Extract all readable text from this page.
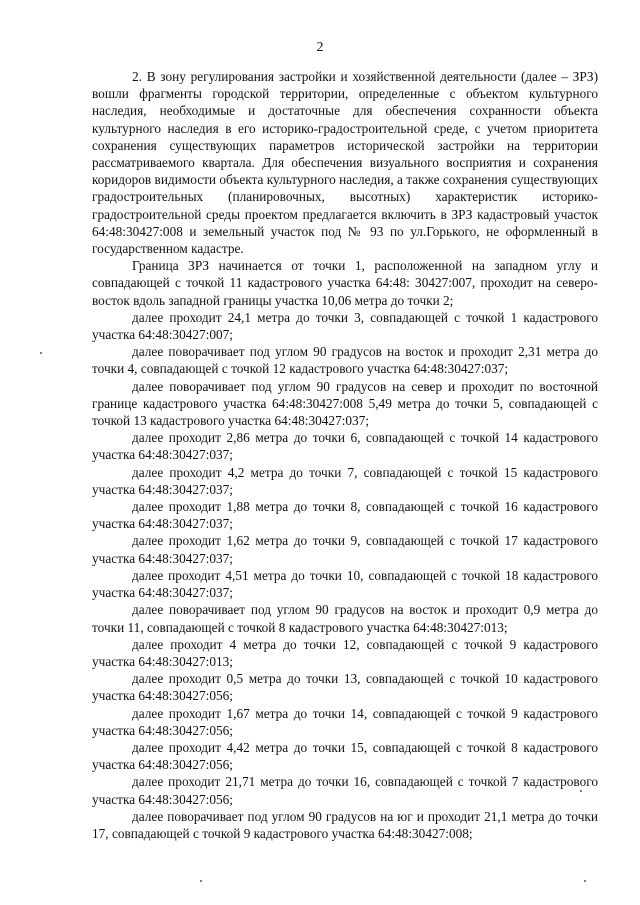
2

2. В зону регулирования застройки и хозяйственной деятельности (далее – ЗРЗ) вошли фрагменты городской территории, определенные с объектом культурного наследия, необходимые и достаточные для обеспечения сохранности объекта культурного наследия в его историко-градостроительной среде, с учетом приоритета сохранения существующих параметров исторической застройки на территории рассматриваемого квартала. Для обеспечения визуального восприятия и сохранения коридоров видимости объекта культурного наследия, а также сохранения существующих градостроительных (планировочных, высотных) характеристик историко-градостроительной среды проектом предлагается включить в ЗРЗ кадастровый участок 64:48:30427:008 и земельный участок под № 93 по ул.Горького, не оформленный в государственном кадастре.

Граница ЗРЗ начинается от точки 1, расположенной на западном углу и совпадающей с точкой 11 кадастрового участка 64:48: 30427:007, проходит на северо-восток вдоль западной границы участка 10,06 метра до точки 2;

далее проходит 24,1 метра до точки 3, совпадающей с точкой 1 кадастрового участка 64:48:30427:007;

далее поворачивает под углом 90 градусов на восток и проходит 2,31 метра до точки 4, совпадающей с точкой 12 кадастрового участка 64:48:30427:037;

далее поворачивает под углом 90 градусов на север и проходит по восточной границе кадастрового участка 64:48:30427:008 5,49 метра до точки 5, совпадающей с точкой 13 кадастрового участка 64:48:30427:037;

далее проходит 2,86 метра до точки 6, совпадающей с точкой 14 кадастрового участка 64:48:30427:037;

далее проходит 4,2 метра до точки 7, совпадающей с точкой 15 кадастрового участка 64:48:30427:037;

далее проходит 1,88 метра до точки 8, совпадающей с точкой 16 кадастрового участка 64:48:30427:037;

далее проходит 1,62 метра до точки 9, совпадающей с точкой 17 кадастрового участка 64:48:30427:037;

далее проходит 4,51 метра до точки 10, совпадающей с точкой 18 кадастрового участка 64:48:30427:037;

далее поворачивает под углом 90 градусов на восток и проходит 0,9 метра до точки 11, совпадающей с точкой 8 кадастрового участка 64:48:30427:013;

далее проходит 4 метра до точки 12, совпадающей с точкой 9 кадастрового участка 64:48:30427:013;

далее проходит 0,5 метра до точки 13, совпадающей с точкой 10 кадастрового участка 64:48:30427:056;

далее проходит 1,67 метра до точки 14, совпадающей с точкой 9 кадастрового участка 64:48:30427:056;

далее проходит 4,42 метра до точки 15, совпадающей с точкой 8 кадастрового участка 64:48:30427:056;

далее проходит 21,71 метра до точки 16, совпадающей с точкой 7 кадастрового участка 64:48:30427:056;

далее поворачивает под углом 90 градусов на юг и проходит 21,1 метра до точки 17, совпадающей с точкой 9 кадастрового участка 64:48:30427:008;
